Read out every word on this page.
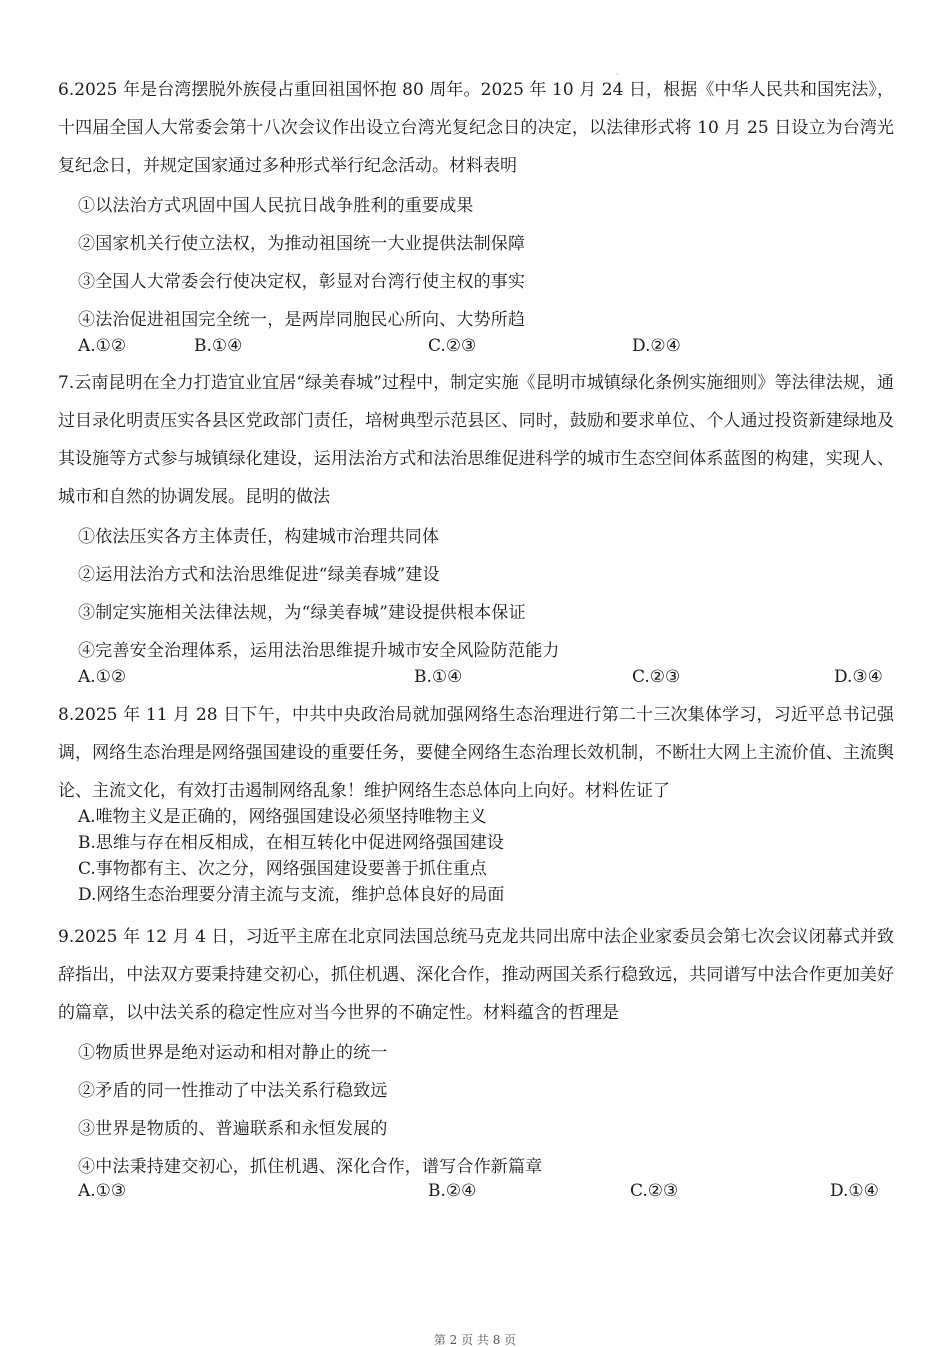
·
6.2025 年是台湾摆脱外族侵占重回祖国怀抱 80 周年。2025 年 10 月 24 日，根据《中华人民共和国宪法》，十四届全国人大常委会第十八次会议作出设立台湾光复纪念日的决定，以法律形式将 10 月 25 日设立为台湾光复纪念日，并规定国家通过多种形式举行纪念活动。材料表明
①以法治方式巩固中国人民抗日战争胜利的重要成果
②国家机关行使立法权，为推动祖国统一大业提供法制保障
③全国人大常委会行使决定权，彰显对台湾行使主权的事实
④法治促进祖国完全统一，是两岸同胞民心所向、大势所趋
A.①②	B.①④	C.②③	D.②④
7.云南昆明在全力打造宜业宜居“绿美春城”过程中，制定实施《昆明市城镇绿化条例实施细则》等法律法规，通过目录化明责压实各县区党政部门责任，培树典型示范县区、同时，鼓励和要求单位、个人通过投资新建绿地及其设施等方式参与城镇绿化建设，运用法治方式和法治思维促进科学的城市生态空间体系蓝图的构建，实现人、城市和自然的协调发展。昆明的做法
①依法压实各方主体责任，构建城市治理共同体
②运用法治方式和法治思维促进“绿美春城”建设
③制定实施相关法律法规，为“绿美春城”建设提供根本保证
④完善安全治理体系，运用法治思维提升城市安全风险防范能力
A.①②	B.①④	C.②③	D.③④
8.2025 年 11 月 28 日下午，中共中央政治局就加强网络生态治理进行第二十三次集体学习，习近平总书记强调，网络生态治理是网络强国建设的重要任务，要健全网络生态治理长效机制，不断壮大网上主流价值、主流舆论、主流文化，有效打击遏制网络乱象！维护网络生态总体向上向好。材料佐证了
A.唯物主义是正确的，网络强国建设必须坚持唯物主义
B.思维与存在相反相成，在相互转化中促进网络强国建设
C.事物都有主、次之分，网络强国建设要善于抓住重点
D.网络生态治理要分清主流与支流，维护总体良好的局面
9.2025 年 12 月 4 日，习近平主席在北京同法国总统马克龙共同出席中法企业家委员会第七次会议闭幕式并致辞指出，中法双方要秉持建交初心，抓住机遇、深化合作，推动两国关系行稳致远，共同谱写中法合作更加美好的篇章，以中法关系的稳定性应对当今世界的不确定性。材料蕴含的哲理是
①物质世界是绝对运动和相对静止的统一
②矛盾的同一性推动了中法关系行稳致远
③世界是物质的、普遍联系和永恒发展的
④中法秉持建交初心，抓住机遇、深化合作，谱写合作新篇章
A.①③	B.②④	C.②③	D.①④
第 2 页 共 8 页
